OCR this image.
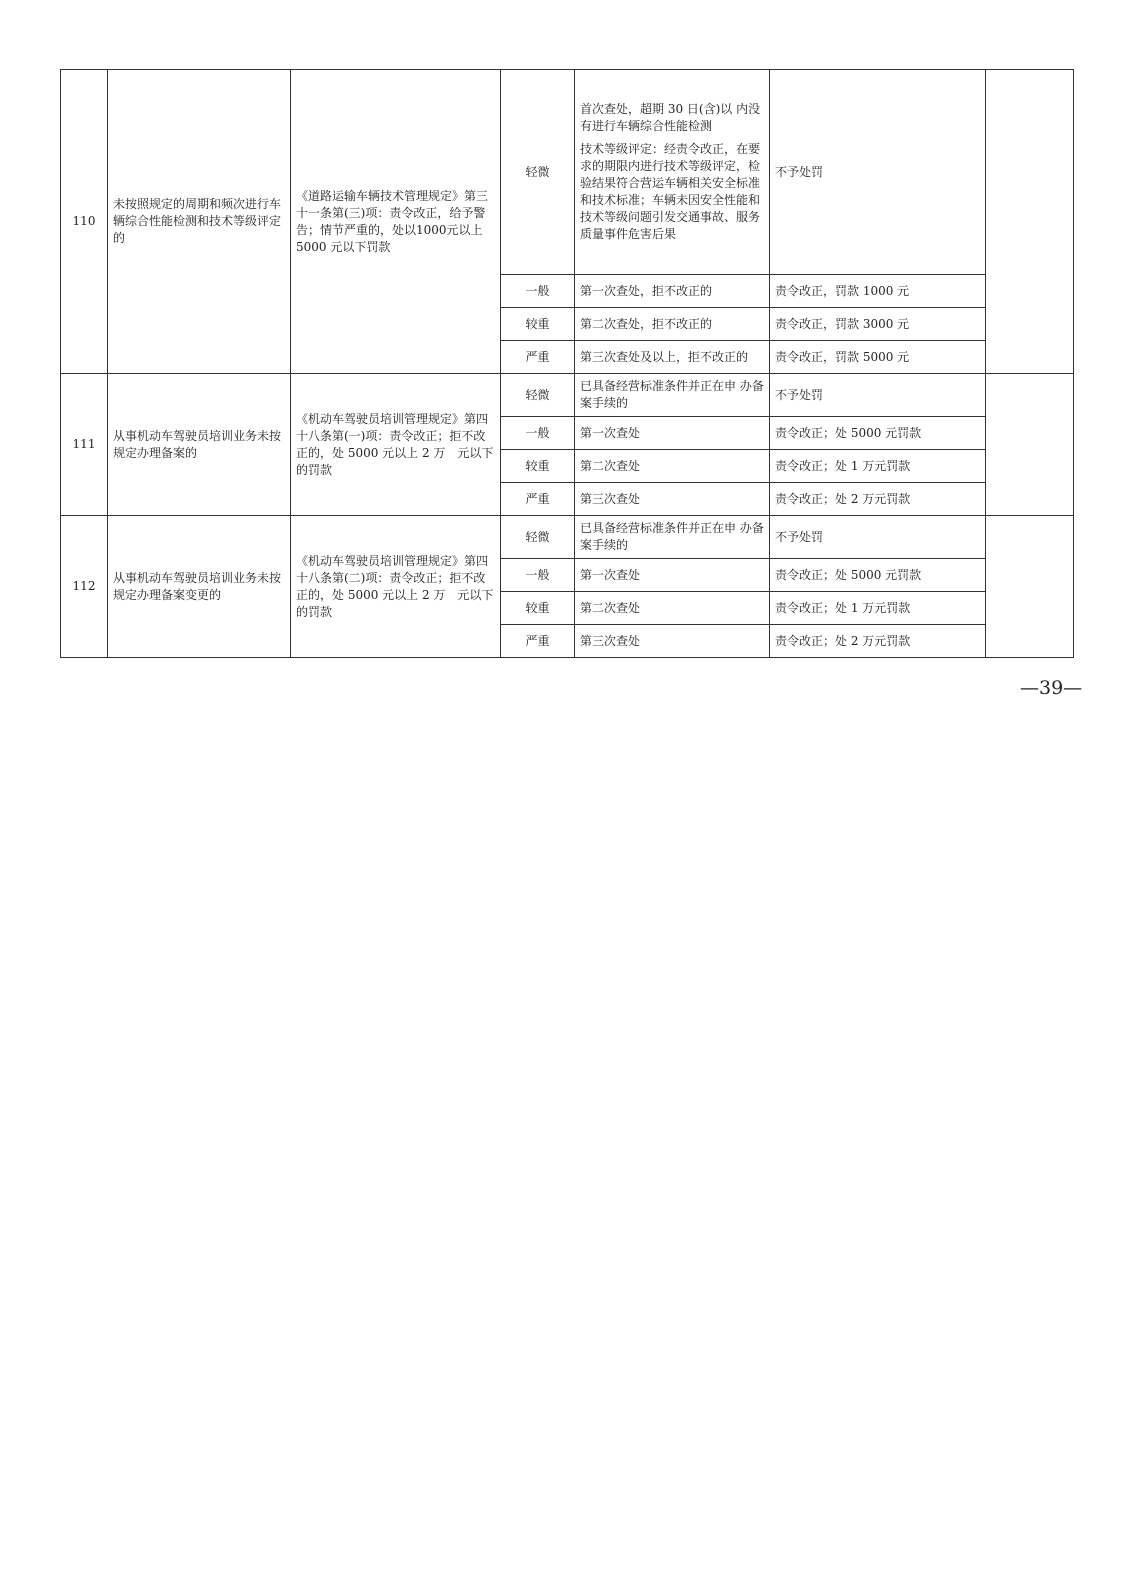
110	未按照规定的周期和频次进行车辆综合性能检测和技术等级评定的	《道路运输车辆技术管理规定》第三十一条第(三)项：责令改正，给予警告；情节严重的，处以1000元以上 5000 元以下罚款	轻微	首次查处，超期 30 日(含)以 内没有进行车辆综合性能检测
技术等级评定：经责令改正，在要求的期限内进行技术等级评定，检验结果符合营运车辆相关安全标准和技术标准；车辆未因安全性能和技术等级问题引发交通事故、服务质量事件危害后果	不予处罚	
			一般	第一次查处，拒不改正的	责令改正，罚款 1000 元	
			较重	第二次查处，拒不改正的	责令改正，罚款 3000 元	
			严重	第三次查处及以上，拒不改正的	责令改正，罚款 5000 元	
111	从事机动车驾驶员培训业务未按规定办理备案的	《机动车驾驶员培训管理规定》第四十八条第(一)项：责令改正；拒不改正的，处 5000 元以上 2 万　元以下的罚款	轻微	已具备经营标准条件并正在申 办备案手续的	不予处罚	
			一般	第一次查处	责令改正；处 5000 元罚款	
			较重	第二次查处	责令改正；处 1 万元罚款	
			严重	第三次查处	责令改正；处 2 万元罚款	
112	从事机动车驾驶员培训业务未按规定办理备案变更的	《机动车驾驶员培训管理规定》第四十八条第(二)项：责令改正；拒不改正的，处 5000 元以上 2 万　元以下的罚款	轻微	已具备经营标准条件并正在申 办备案手续的	不予处罚	
			一般	第一次查处	责令改正；处 5000 元罚款	
			较重	第二次查处	责令改正；处 1 万元罚款	
			严重	第三次查处	责令改正；处 2 万元罚款	
—39—
